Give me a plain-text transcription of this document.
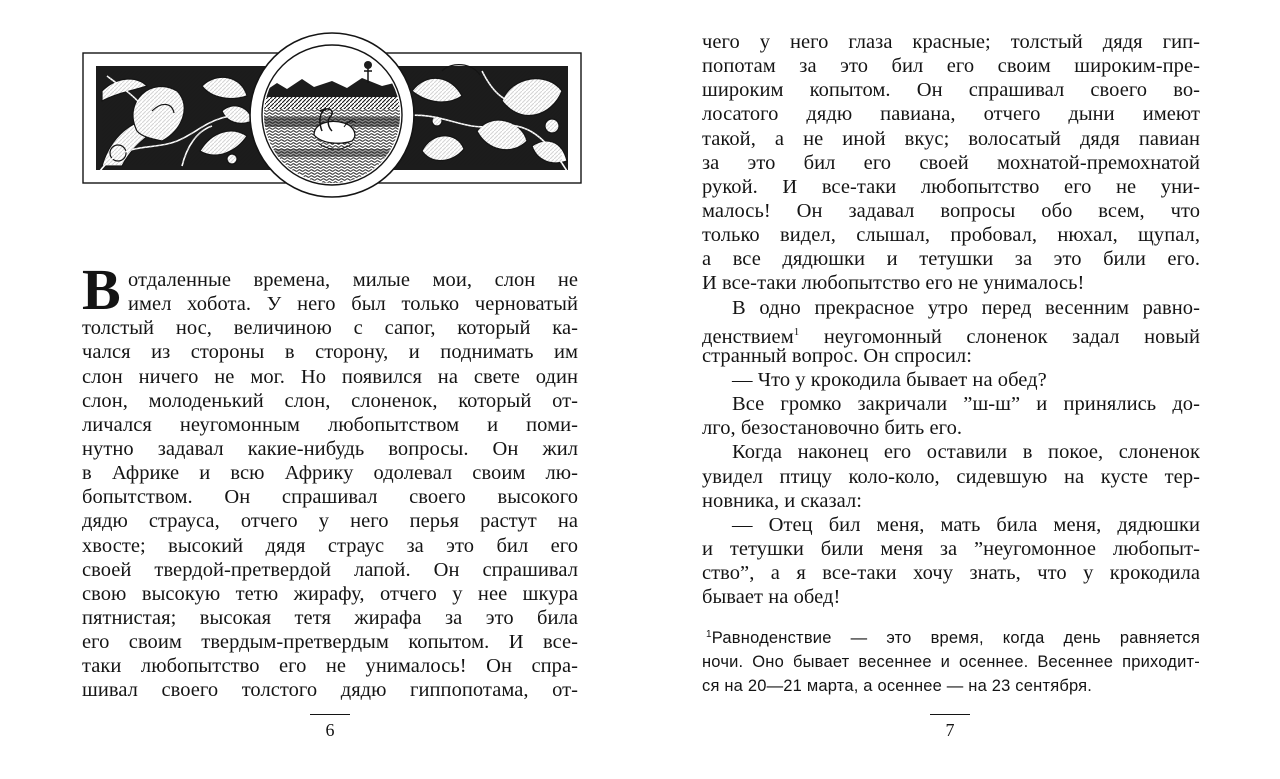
В отдаленные времена, милые мои, слон не
имел хобота. У него был только черноватый
толстый нос, величиною с сапог, который ка-
чался из стороны в сторону, и поднимать им
слон ничего не мог. Но появился на свете один
слон, молоденький слон, слоненок, который от-
личался неугомонным любопытством и поми-
нутно задавал какие-нибудь вопросы. Он жил
в Африке и всю Африку одолевал своим лю-
бопытством. Он спрашивал своего высокого
дядю страуса, отчего у него перья растут на
хвосте; высокий дядя страус за это бил его
своей твердой-претвердой лапой. Он спрашивал
свою высокую тетю жирафу, отчего у нее шкура
пятнистая; высокая тетя жирафа за это била
его своим твердым-претвердым копытом. И все-
таки любопытство его не унималось! Он спра-
шивал своего толстого дядю гиппопотама, от-
6
чего у него глаза красные; толстый дядя гип-
попотам за это бил его своим широким-пре-
широким копытом. Он спрашивал своего во-
лосатого дядю павиана, отчего дыни имеют
такой, а не иной вкус; волосатый дядя павиан
за это бил его своей мохнатой-премохнатой
рукой. И все-таки любопытство его не уни-
малось! Он задавал вопросы обо всем, что
только видел, слышал, пробовал, нюхал, щупал,
а все дядюшки и тетушки за это били его.
И все-таки любопытство его не унималось!
В одно прекрасное утро перед весенним равно-
денствием$^1$ неугомонный слоненок задал новый
странный вопрос. Он спросил:
— Что у крокодила бывает на обед?
Все громко закричали ”ш-ш” и принялись до-
лго, безостановочно бить его.
Когда наконец его оставили в покое, слоненок
увидел птицу коло-коло, сидевшую на кусте тер-
новника, и сказал:
— Отец бил меня, мать била меня, дядюшки
и тетушки били меня за ”неугомонное любопыт-
ство”, а я все-таки хочу знать, что у крокодила
бывает на обед!
$^1$Равноденствие — это время, когда день равняется
ночи. Оно бывает весеннее и осеннее. Весеннее приходит-
ся на 20—21 марта, а осеннее — на 23 сентября.
7
